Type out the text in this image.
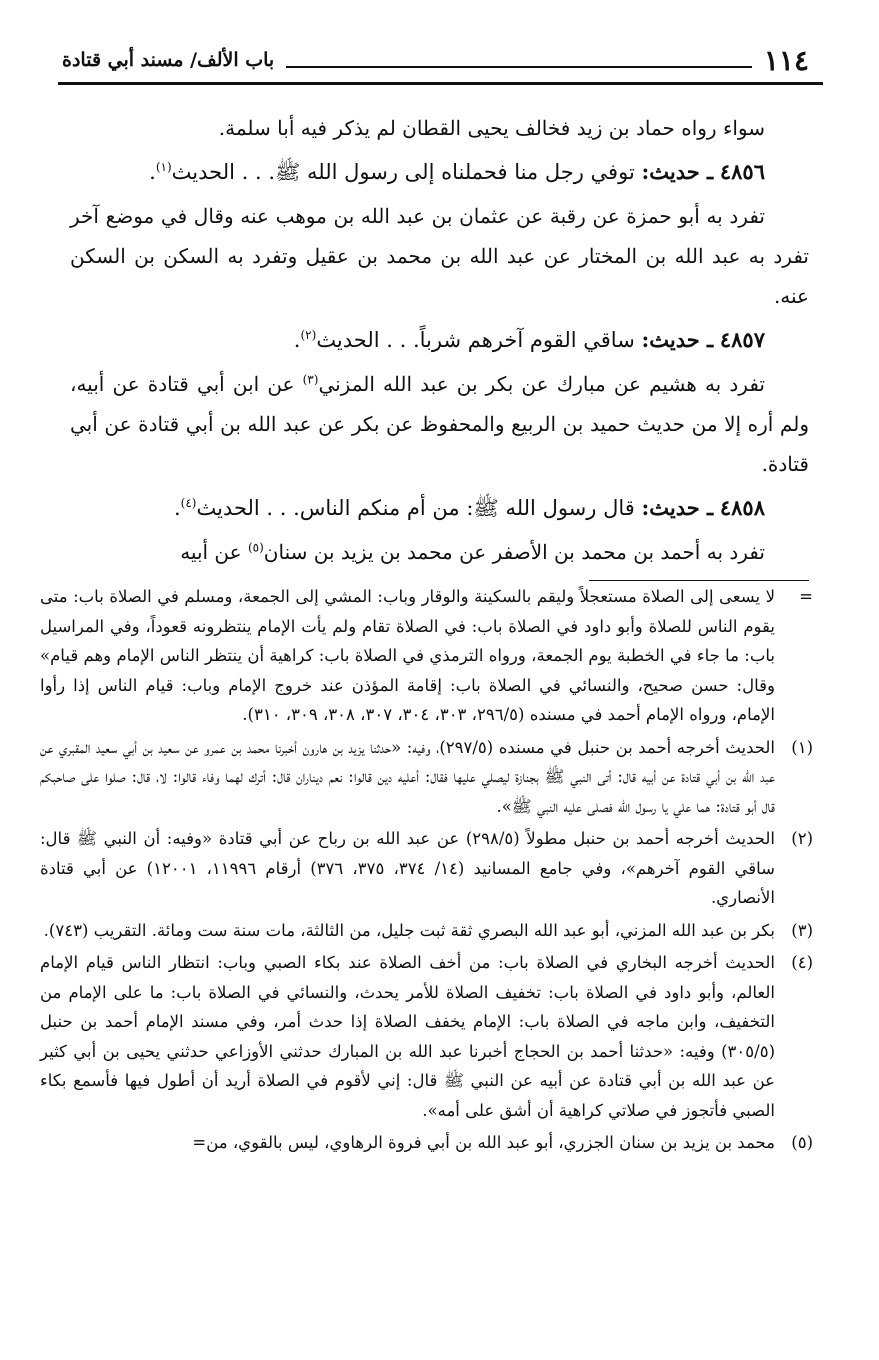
١١٤
باب الألف/ مسند أبي قتادة

سواء رواه حماد بن زيد فخالف يحيى القطان لم يذكر فيه أبا سلمة.

٤٨٥٦ ـ حديث: توفي رجل منا فحملناه إلى رسول الله ﷺ. . . الحديث$^{(١)}$.

تفرد به أبو حمزة عن رقبة عن عثمان بن عبد الله بن موهب عنه وقال في موضع آخر تفرد به عبد الله بن المختار عن عبد الله بن محمد بن عقيل وتفرد به السكن بن السكن عنه.

٤٨٥٧ ـ حديث: ساقي القوم آخرهم شرباً. . . الحديث$^{(٢)}$.

تفرد به هشيم عن مبارك عن بكر بن عبد الله المزني$^{(٣)}$ عن ابن أبي قتادة عن أبيه، ولم أره إلا من حديث حميد بن الربيع والمحفوظ عن بكر عن عبد الله بن أبي قتادة عن أبي قتادة.

٤٨٥٨ ـ حديث: قال رسول الله ﷺ: من أم منكم الناس. . . الحديث$^{(٤)}$.

تفرد به أحمد بن محمد بن الأصفر عن محمد بن يزيد بن سنان$^{(٥)}$ عن أبيه

=
لا يسعى إلى الصلاة مستعجلاً وليقم بالسكينة والوقار وباب: المشي إلى الجمعة، ومسلم في الصلاة باب: متى يقوم الناس للصلاة وأبو داود في الصلاة باب: في الصلاة تقام ولم يأت الإمام ينتظرونه قعوداً، وفي المراسيل باب: ما جاء في الخطبة يوم الجمعة، ورواه الترمذي في الصلاة باب: كراهية أن ينتظر الناس الإمام وهم قيام» وقال: حسن صحيح، والنسائي في الصلاة باب: إقامة المؤذن عند خروج الإمام وباب: قيام الناس إذا رأوا الإمام، ورواه الإمام أحمد في مسنده (٢٩٦/٥، ٣٠٣، ٣٠٤، ٣٠٧، ٣٠٨، ٣٠٩، ٣١٠).
(١)
الحديث أخرجه أحمد بن حنبل في مسنده (٢٩٧/٥)، وفيه: «حدثنا يزيد بن هارون أخبرنا محمد بن عمرو عن سعيد بن أبي سعيد المقبري عن عبد الله بن أبي قتادة عن أبيه قال: أتى النبي ﷺ بجنازة ليصلي عليها فقال: أعليه دين قالوا: نعم ديناران قال: أترك لهما وفاء قالوا: لا، قال: صلوا على صاحبكم قال أبو قتادة: هما علي يا رسول الله فصلى عليه النبي ﷺ».
(٢)
الحديث أخرجه أحمد بن حنبل مطولاً (٢٩٨/٥) عن عبد الله بن رباح عن أبي قتادة «وفيه: أن النبي ﷺ قال: ساقي القوم آخرهم»، وفي جامع المسانيد (١٤/ ٣٧٤، ٣٧٥، ٣٧٦) أرقام ١١٩٩٦، ١٢٠٠١) عن أبي قتادة الأنصاري.
(٣)
بكر بن عبد الله المزني، أبو عبد الله البصري ثقة ثبت جليل، من الثالثة، مات سنة ست ومائة. التقريب (٧٤٣).
(٤)
الحديث أخرجه البخاري في الصلاة باب: من أخف الصلاة عند بكاء الصبي وباب: انتظار الناس قيام الإمام العالم، وأبو داود في الصلاة باب: تخفيف الصلاة للأمر يحدث، والنسائي في الصلاة باب: ما على الإمام من التخفيف، وابن ماجه في الصلاة باب: الإمام يخفف الصلاة إذا حدث أمر، وفي مسند الإمام أحمد بن حنبل (٣٠٥/٥) وفيه: «حدثنا أحمد بن الحجاج أخبرنا عبد الله بن المبارك حدثني الأوزاعي حدثني يحيى بن أبي كثير عن عبد الله بن أبي قتادة عن أبيه عن النبي ﷺ قال: إني لأقوم في الصلاة أريد أن أطول فيها فأسمع بكاء الصبي فأتجوز في صلاتي كراهية أن أشق على أمه».
(٥)
محمد بن يزيد بن سنان الجزري، أبو عبد الله بن أبي فروة الرهاوي، ليس بالقوي، من=
